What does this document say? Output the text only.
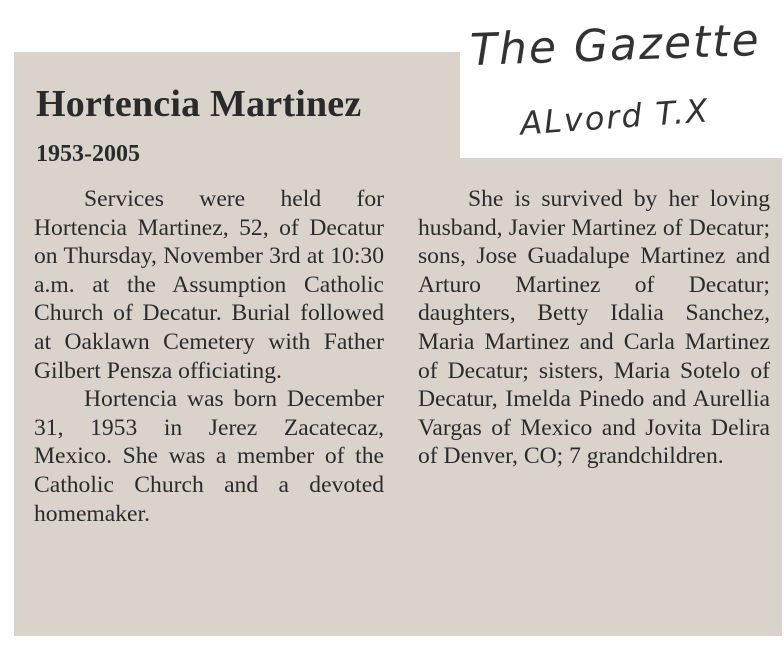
The Gazette
ALvord T.X
Hortencia Martinez
1953-2005

Services were held for Hortencia Martinez, 52, of Decatur on Thursday, November 3rd at 10:30 a.m. at the Assumption Catholic Church of Decatur. Burial followed at Oaklawn Cemetery with Father Gilbert Pensza officiating.

Hortencia was born December 31, 1953 in Jerez Zacatecaz, Mexico. She was a member of the Catholic Church and a devoted homemaker.

She is survived by her loving husband, Javier Martinez of Decatur; sons, Jose Guadalupe Martinez and Arturo Martinez of Decatur; daughters, Betty Idalia Sanchez, Maria Martinez and Carla Martinez of Decatur; sisters, Maria Sotelo of Decatur, Imelda Pinedo and Aurellia Vargas of Mexico and Jovita Delira of Denver, CO; 7 grandchildren.
